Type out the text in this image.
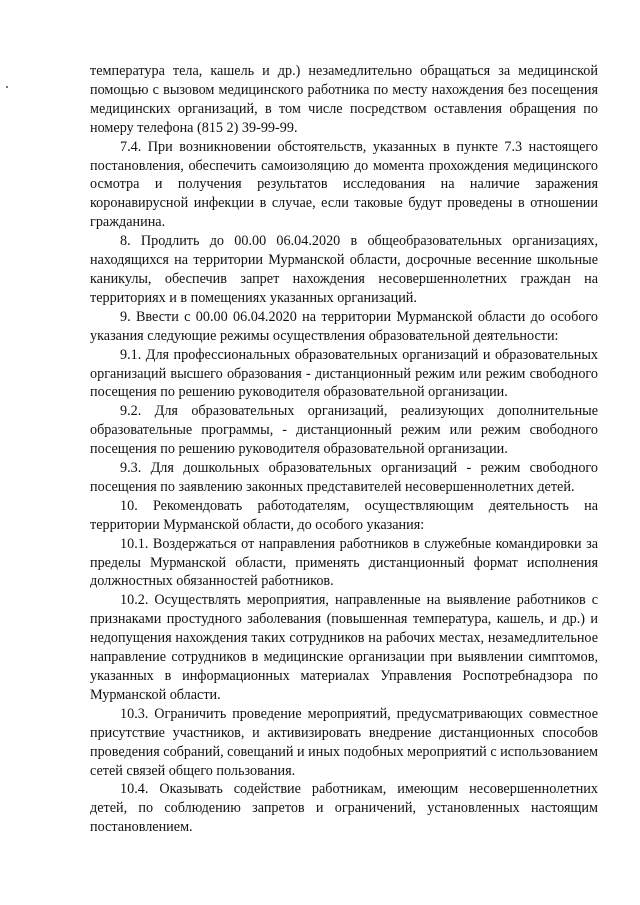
температура тела, кашель и др.) незамедлительно обращаться за медицинской помощью с вызовом медицинского работника по месту нахождения без посещения медицинских организаций, в том числе посредством оставления обращения по номеру телефона (815 2) 39-99-99.

7.4. При возникновении обстоятельств, указанных в пункте 7.3 настоящего постановления, обеспечить самоизоляцию до момента прохождения медицинского осмотра и получения результатов исследования на наличие заражения коронавирусной инфекции в случае, если таковые будут проведены в отношении гражданина.

8. Продлить до 00.00 06.04.2020 в общеобразовательных организациях, находящихся на территории Мурманской области, досрочные весенние школьные каникулы, обеспечив запрет нахождения несовершеннолетних граждан на территориях и в помещениях указанных организаций.

9. Ввести с 00.00 06.04.2020 на территории Мурманской области до особого указания следующие режимы осуществления образовательной деятельности:

9.1. Для профессиональных образовательных организаций и образовательных организаций высшего образования - дистанционный режим или режим свободного посещения по решению руководителя образовательной организации.

9.2. Для образовательных организаций, реализующих дополнительные образовательные программы, - дистанционный режим или режим свободного посещения по решению руководителя образовательной организации.

9.3. Для дошкольных образовательных организаций - режим свободного посещения по заявлению законных представителей несовершеннолетних детей.

10. Рекомендовать работодателям, осуществляющим деятельность на территории Мурманской области, до особого указания:

10.1. Воздержаться от направления работников в служебные командировки за пределы Мурманской области, применять дистанционный формат исполнения должностных обязанностей работников.

10.2. Осуществлять мероприятия, направленные на выявление работников с признаками простудного заболевания (повышенная температура, кашель, и др.) и недопущения нахождения таких сотрудников на рабочих местах, незамедлительное направление сотрудников в медицинские организации при выявлении симптомов, указанных в информационных материалах Управления Роспотребнадзора по Мурманской области.

10.3. Ограничить проведение мероприятий, предусматривающих совместное присутствие участников, и активизировать внедрение дистанционных способов проведения собраний, совещаний и иных подобных мероприятий с использованием сетей связей общего пользования.

10.4. Оказывать содействие работникам, имеющим несовершеннолетних детей, по соблюдению запретов и ограничений, установленных настоящим постановлением.
